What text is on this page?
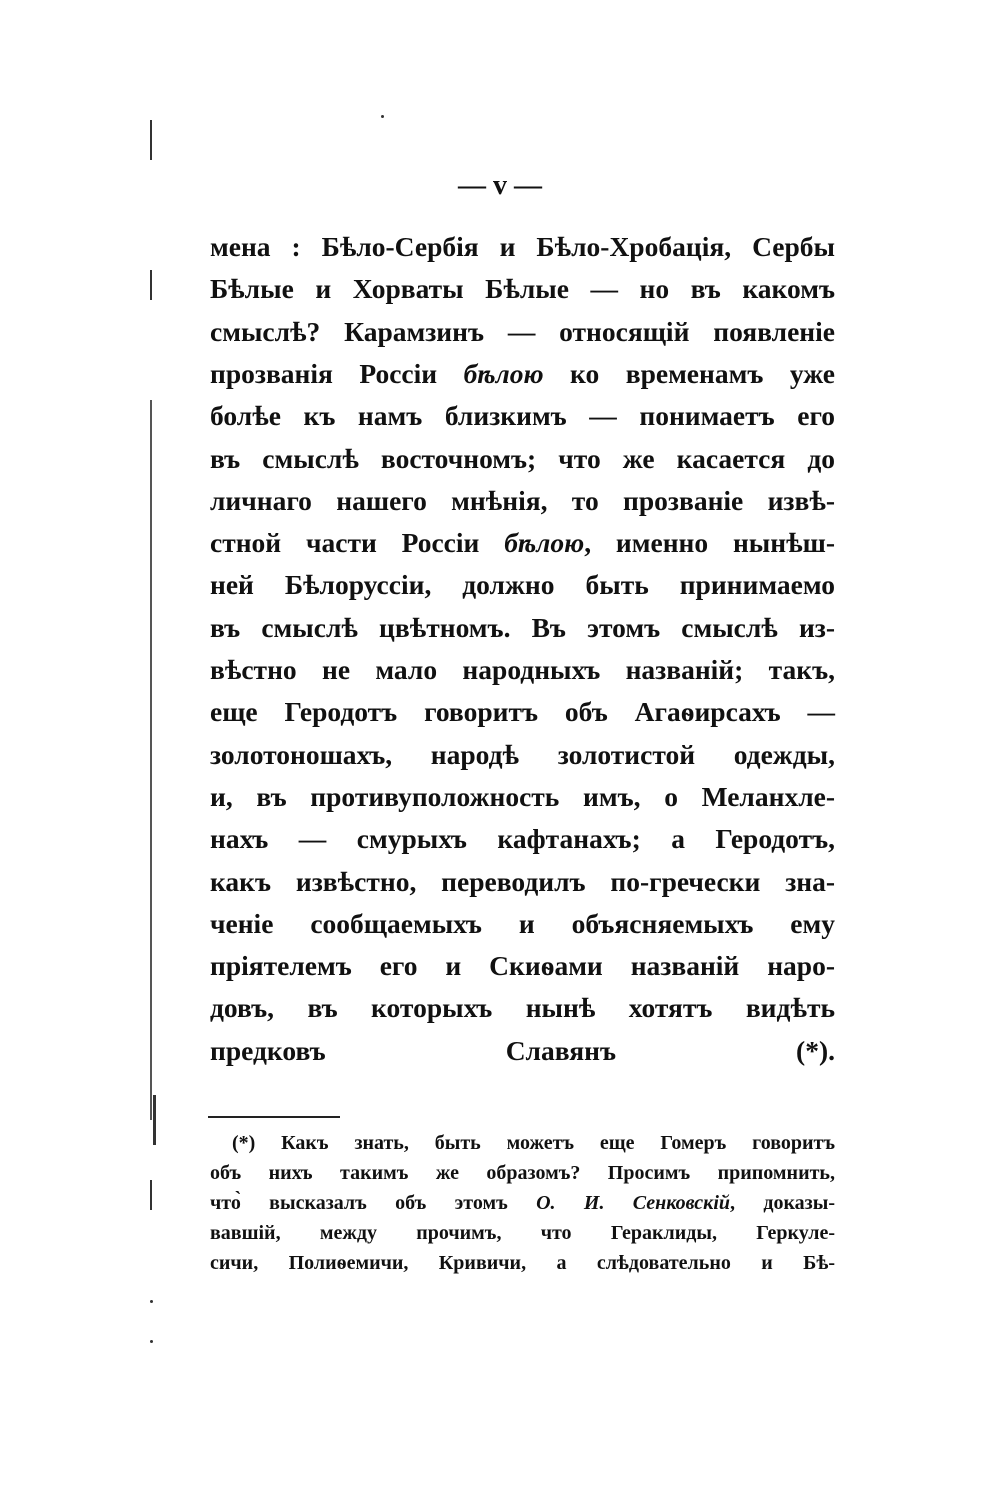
— v —
мена : Бѣло-Сербія и Бѣло-Хробація, Сербы
Бѣлые и Хорваты Бѣлые — но въ какомъ
смыслѣ? Карамзинъ — относящій появленіе
прозванія Россіи бѣлою ко временамъ уже
болѣе къ намъ близкимъ — понимаетъ его
въ смыслѣ восточномъ; что же касается до
личнаго нашего мнѣнія, то прозваніе извѣ-
стной части Россіи бѣлою, именно нынѣш-
ней Бѣлоруссіи, должно быть принимаемо
въ смыслѣ цвѣтномъ. Въ этомъ смыслѣ из-
вѣстно не мало народныхъ названій; такъ,
еще Геродотъ говоритъ объ Агаѳирсахъ —
золотоношахъ, народѣ золотистой одежды,
и, въ противуположность имъ, о Меланхле-
нахъ — смурыхъ кафтанахъ; а Геродотъ,
какъ извѣстно, переводилъ по-гречески зна-
ченіе сообщаемыхъ и объясняемыхъ ему
пріятелемъ его и Скиѳами названій наро-
довъ, въ которыхъ нынѣ хотятъ видѣть
предковъ Славянъ (*).
(*) Какъ знать, быть можетъ еще Гомеръ говоритъ
объ нихъ такимъ же образомъ? Просимъ припомнить,
что̀ высказалъ объ этомъ О. И. Сенковскій, доказы-
вавшій, между прочимъ, что Гераклиды, Геркуле-
сичи, Полиѳемичи, Кривичи, а слѣдовательно и Бѣ-
